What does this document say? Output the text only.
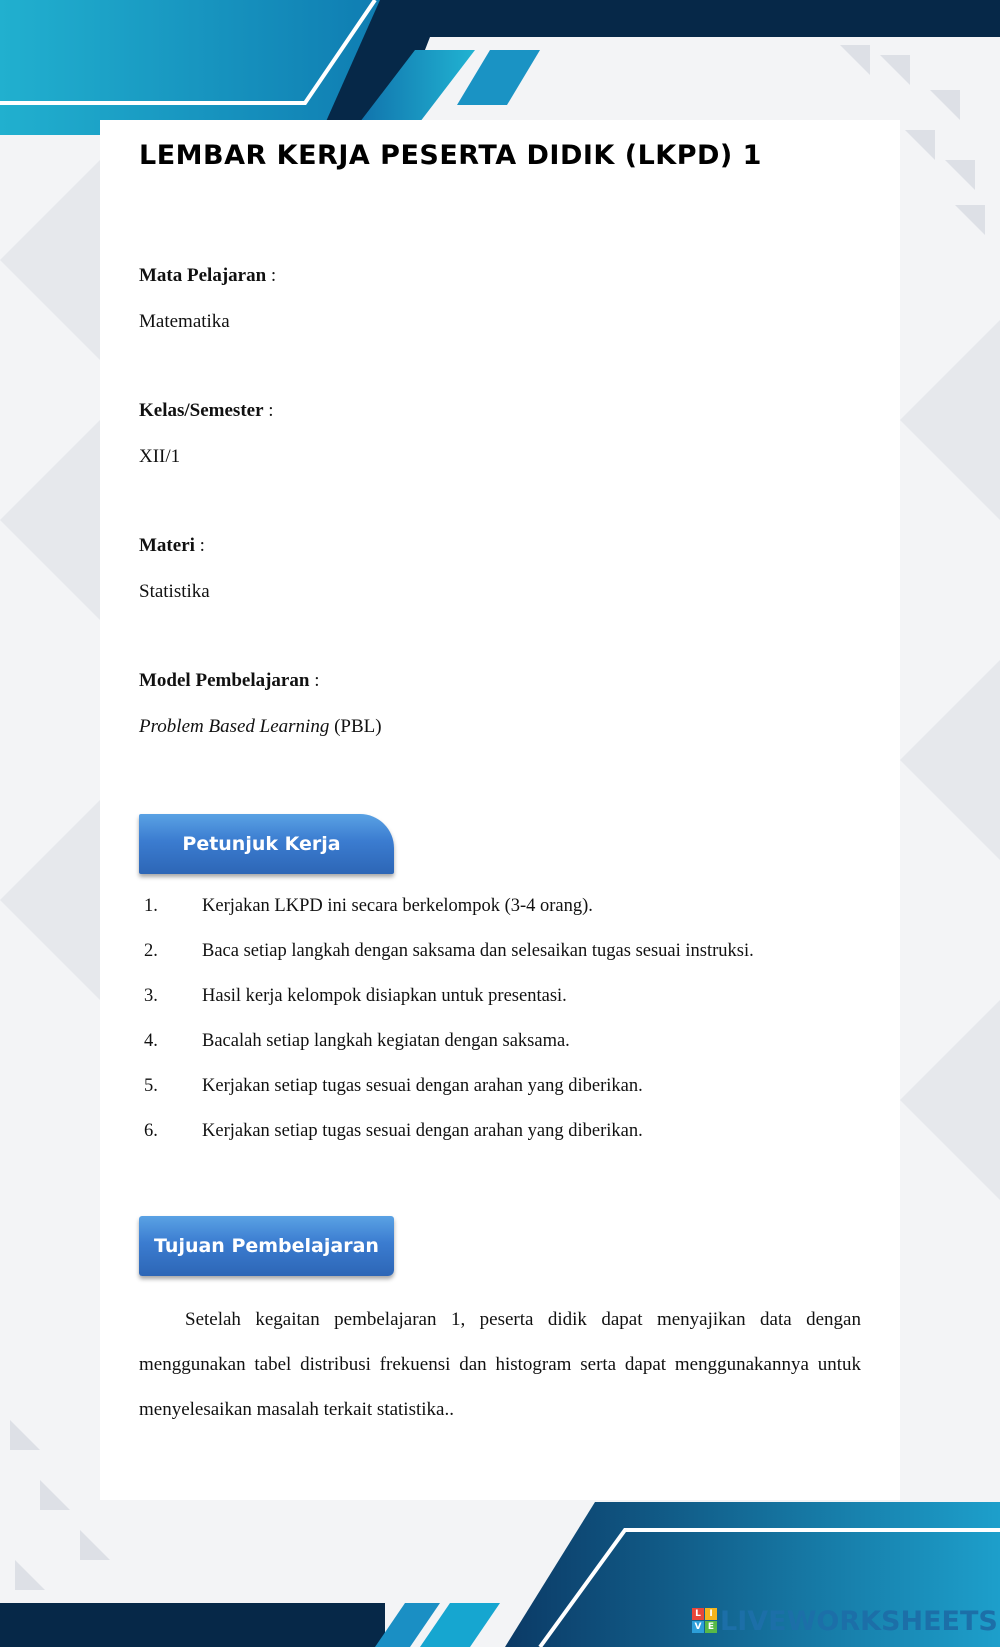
LEMBAR KERJA PESERTA DIDIK (LKPD) 1
Mata Pelajaran :
Matematika
Kelas/Semester :
XII/1
Materi :
Statistika
Model Pembelajaran :
Problem Based Learning (PBL)
Petunjuk Kerja
1.	Kerjakan LKPD ini secara berkelompok (3-4 orang).
2.	Baca setiap langkah dengan saksama dan selesaikan tugas sesuai instruksi.
3.	Hasil kerja kelompok disiapkan untuk presentasi.
4.	Bacalah setiap langkah kegiatan dengan saksama.
5.	Kerjakan setiap tugas sesuai dengan arahan yang diberikan.
6.	Kerjakan setiap tugas sesuai dengan arahan yang diberikan.
Tujuan Pembelajaran

Setelah kegaitan pembelajaran 1, peserta didik dapat menyajikan data dengan menggunakan tabel distribusi frekuensi dan histogram serta dapat menggunakannya untuk menyelesaikan masalah terkait statistika..

L I
V E LIVEWORKSHEETS
